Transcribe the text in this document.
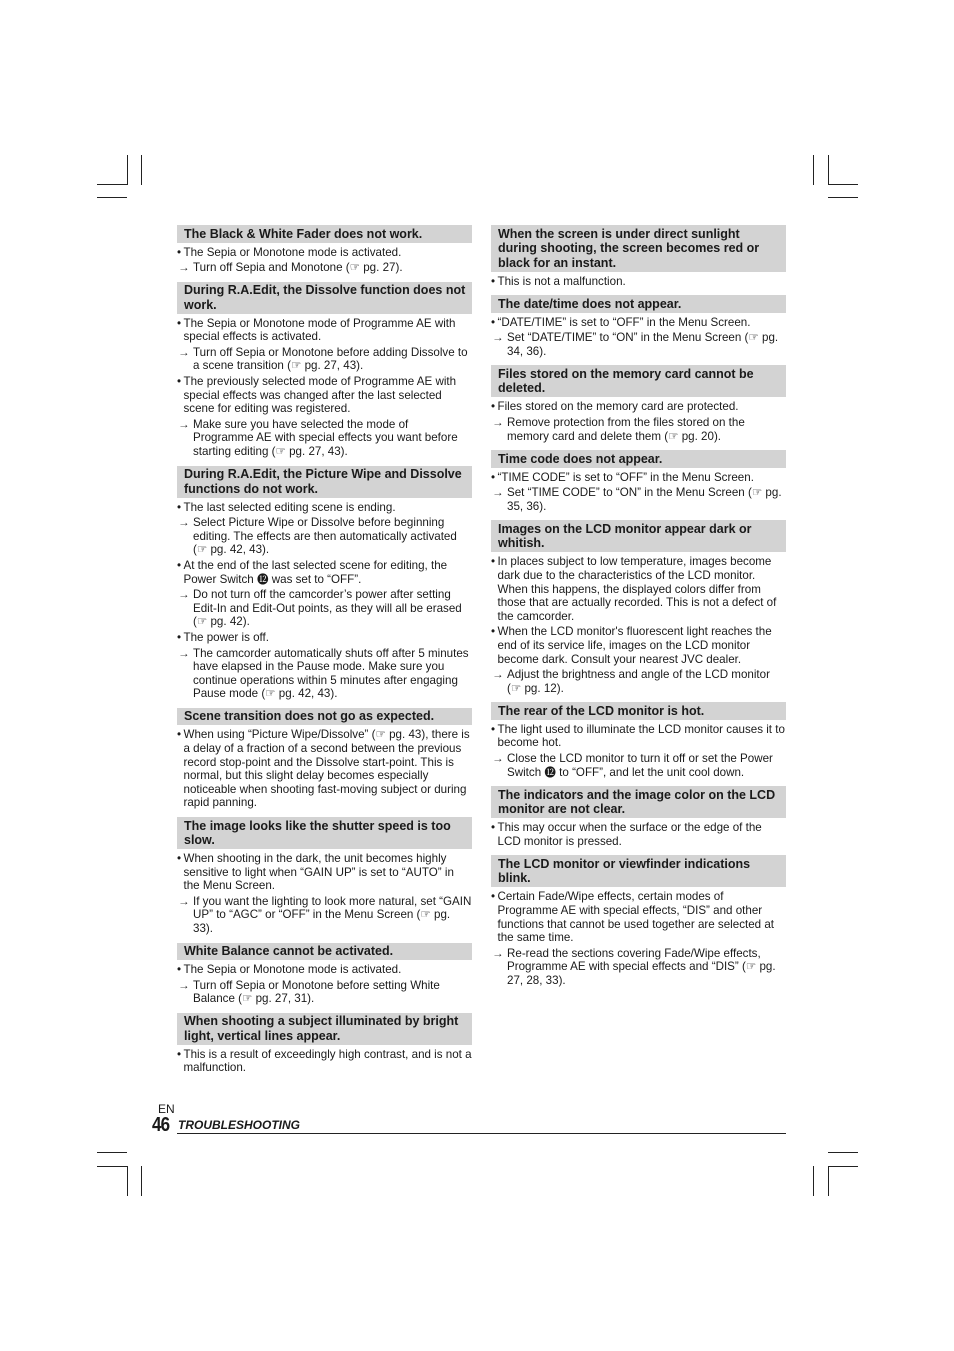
The Black & White Fader does not work.
• The Sepia or Monotone mode is activated.
→ Turn off Sepia and Monotone (☞ pg. 27).
During R.A.Edit, the Dissolve function does not work.
• The Sepia or Monotone mode of Programme AE with special effects is activated.
→ Turn off Sepia or Monotone before adding Dissolve to a scene transition (☞ pg. 27, 43).
• The previously selected mode of Programme AE with special effects was changed after the last selected scene for editing was registered.
→ Make sure you have selected the mode of Programme AE with special effects you want before starting editing (☞ pg. 27, 43).
During R.A.Edit, the Picture Wipe and Dissolve functions do not work.
• The last selected editing scene is ending.
→ Select Picture Wipe or Dissolve before beginning editing. The effects are then automatically activated (☞ pg. 42, 43).
• At the end of the last selected scene for editing, the Power Switch ⓬ was set to “OFF”.
→ Do not turn off the camcorder’s power after setting Edit-In and Edit-Out points, as they will all be erased (☞ pg. 42).
• The power is off.
→ The camcorder automatically shuts off after 5 minutes have elapsed in the Pause mode. Make sure you continue operations within 5 minutes after engaging Pause mode (☞ pg. 42, 43).
Scene transition does not go as expected.
• When using “Picture Wipe/Dissolve” (☞ pg. 43), there is a delay of a fraction of a second between the previous record stop-point and the Dissolve start-point. This is normal, but this slight delay becomes especially noticeable when shooting fast-moving subject or during rapid panning.
The image looks like the shutter speed is too slow.
• When shooting in the dark, the unit becomes highly sensitive to light when “GAIN UP” is set to “AUTO” in the Menu Screen.
→ If you want the lighting to look more natural, set “GAIN UP” to “AGC” or “OFF” in the Menu Screen (☞ pg. 33).
White Balance cannot be activated.
• The Sepia or Monotone mode is activated.
→ Turn off Sepia or Monotone before setting White Balance (☞ pg. 27, 31).
When shooting a subject illuminated by bright light, vertical lines appear.
• This is a result of exceedingly high contrast, and is not a malfunction.
When the screen is under direct sunlight during shooting, the screen becomes red or black for an instant.
• This is not a malfunction.
The date/time does not appear.
• “DATE/TIME” is set to “OFF” in the Menu Screen.
→ Set “DATE/TIME” to “ON” in the Menu Screen (☞ pg. 34, 36).
Files stored on the memory card cannot be deleted.
• Files stored on the memory card are protected.
→ Remove protection from the files stored on the memory card and delete them (☞ pg. 20).
Time code does not appear.
• “TIME CODE” is set to “OFF” in the Menu Screen.
→ Set “TIME CODE” to “ON” in the Menu Screen (☞ pg. 35, 36).
Images on the LCD monitor appear dark or whitish.
• In places subject to low temperature, images become dark due to the characteristics of the LCD monitor. When this happens, the displayed colors differ from those that are actually recorded. This is not a defect of the camcorder.
• When the LCD monitor's fluorescent light reaches the end of its service life, images on the LCD monitor become dark. Consult your nearest JVC dealer.
→ Adjust the brightness and angle of the LCD monitor (☞ pg. 12).
The rear of the LCD monitor is hot.
• The light used to illuminate the LCD monitor causes it to become hot.
→ Close the LCD monitor to turn it off or set the Power Switch ⓬ to “OFF”, and let the unit cool down.
The indicators and the image color on the LCD monitor are not clear.
• This may occur when the surface or the edge of the LCD monitor is pressed.
The LCD monitor or viewfinder indications blink.
• Certain Fade/Wipe effects, certain modes of Programme AE with special effects, “DIS” and other functions that cannot be used together are selected at the same time.
→ Re-read the sections covering Fade/Wipe effects, Programme AE with special effects and “DIS” (☞ pg. 27, 28, 33).
EN
46 TROUBLESHOOTING
